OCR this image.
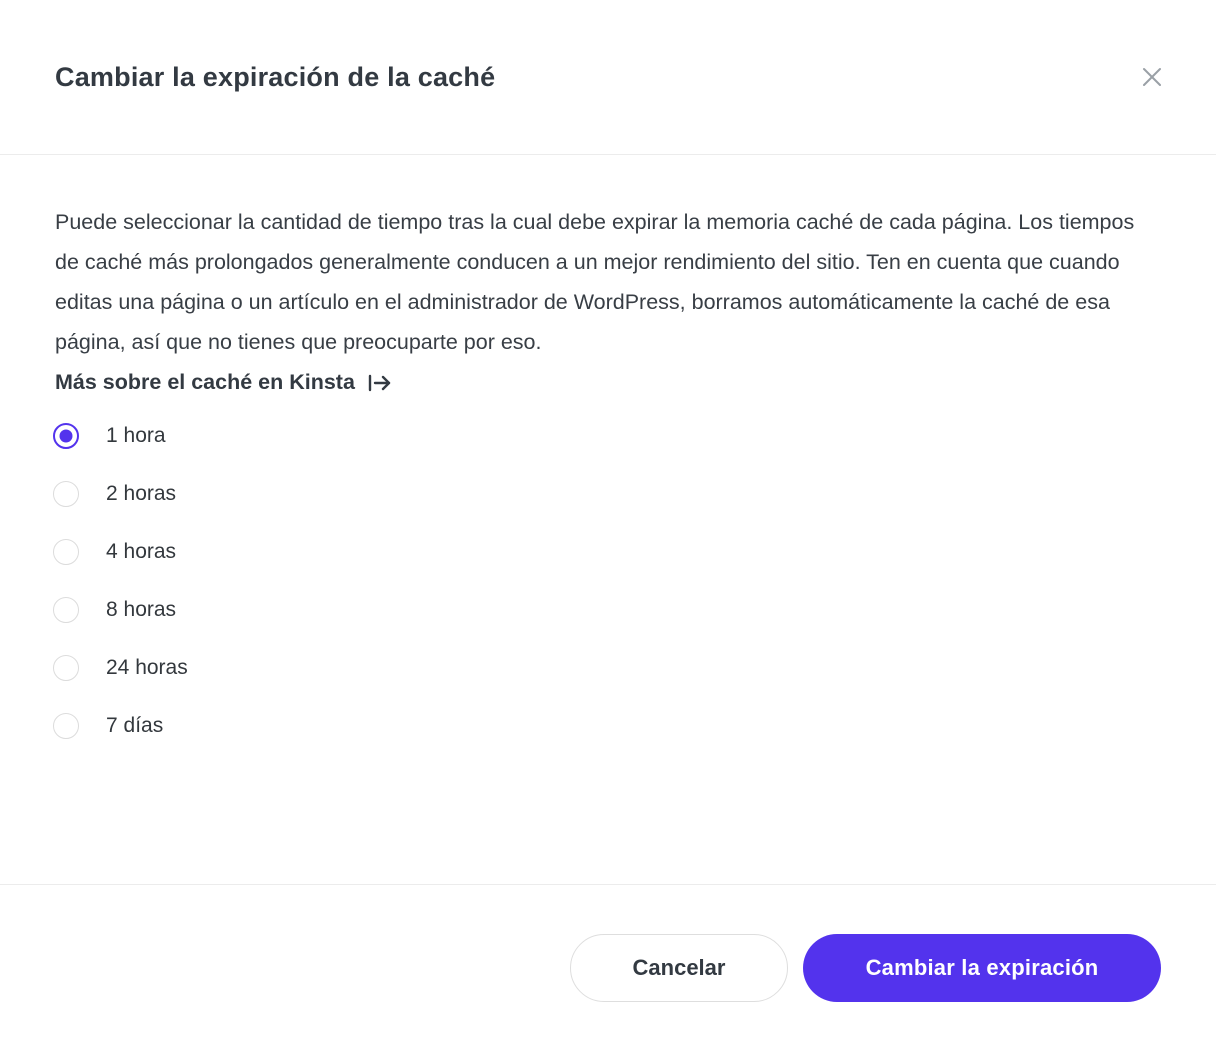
Cambiar la expiración de la caché

Puede seleccionar la cantidad de tiempo tras la cual debe expirar la memoria caché de cada página. Los tiempos de caché más prolongados generalmente conducen a un mejor rendimiento del sitio. Ten en cuenta que cuando editas una página o un artículo en el administrador de WordPress, borramos automáticamente la caché de esa página, así que no tienes que preocuparte por eso.

Más sobre el caché en Kinsta
1 hora
2 horas
4 horas
8 horas
24 horas
7 días
Cancelar	Cambiar la expiración
